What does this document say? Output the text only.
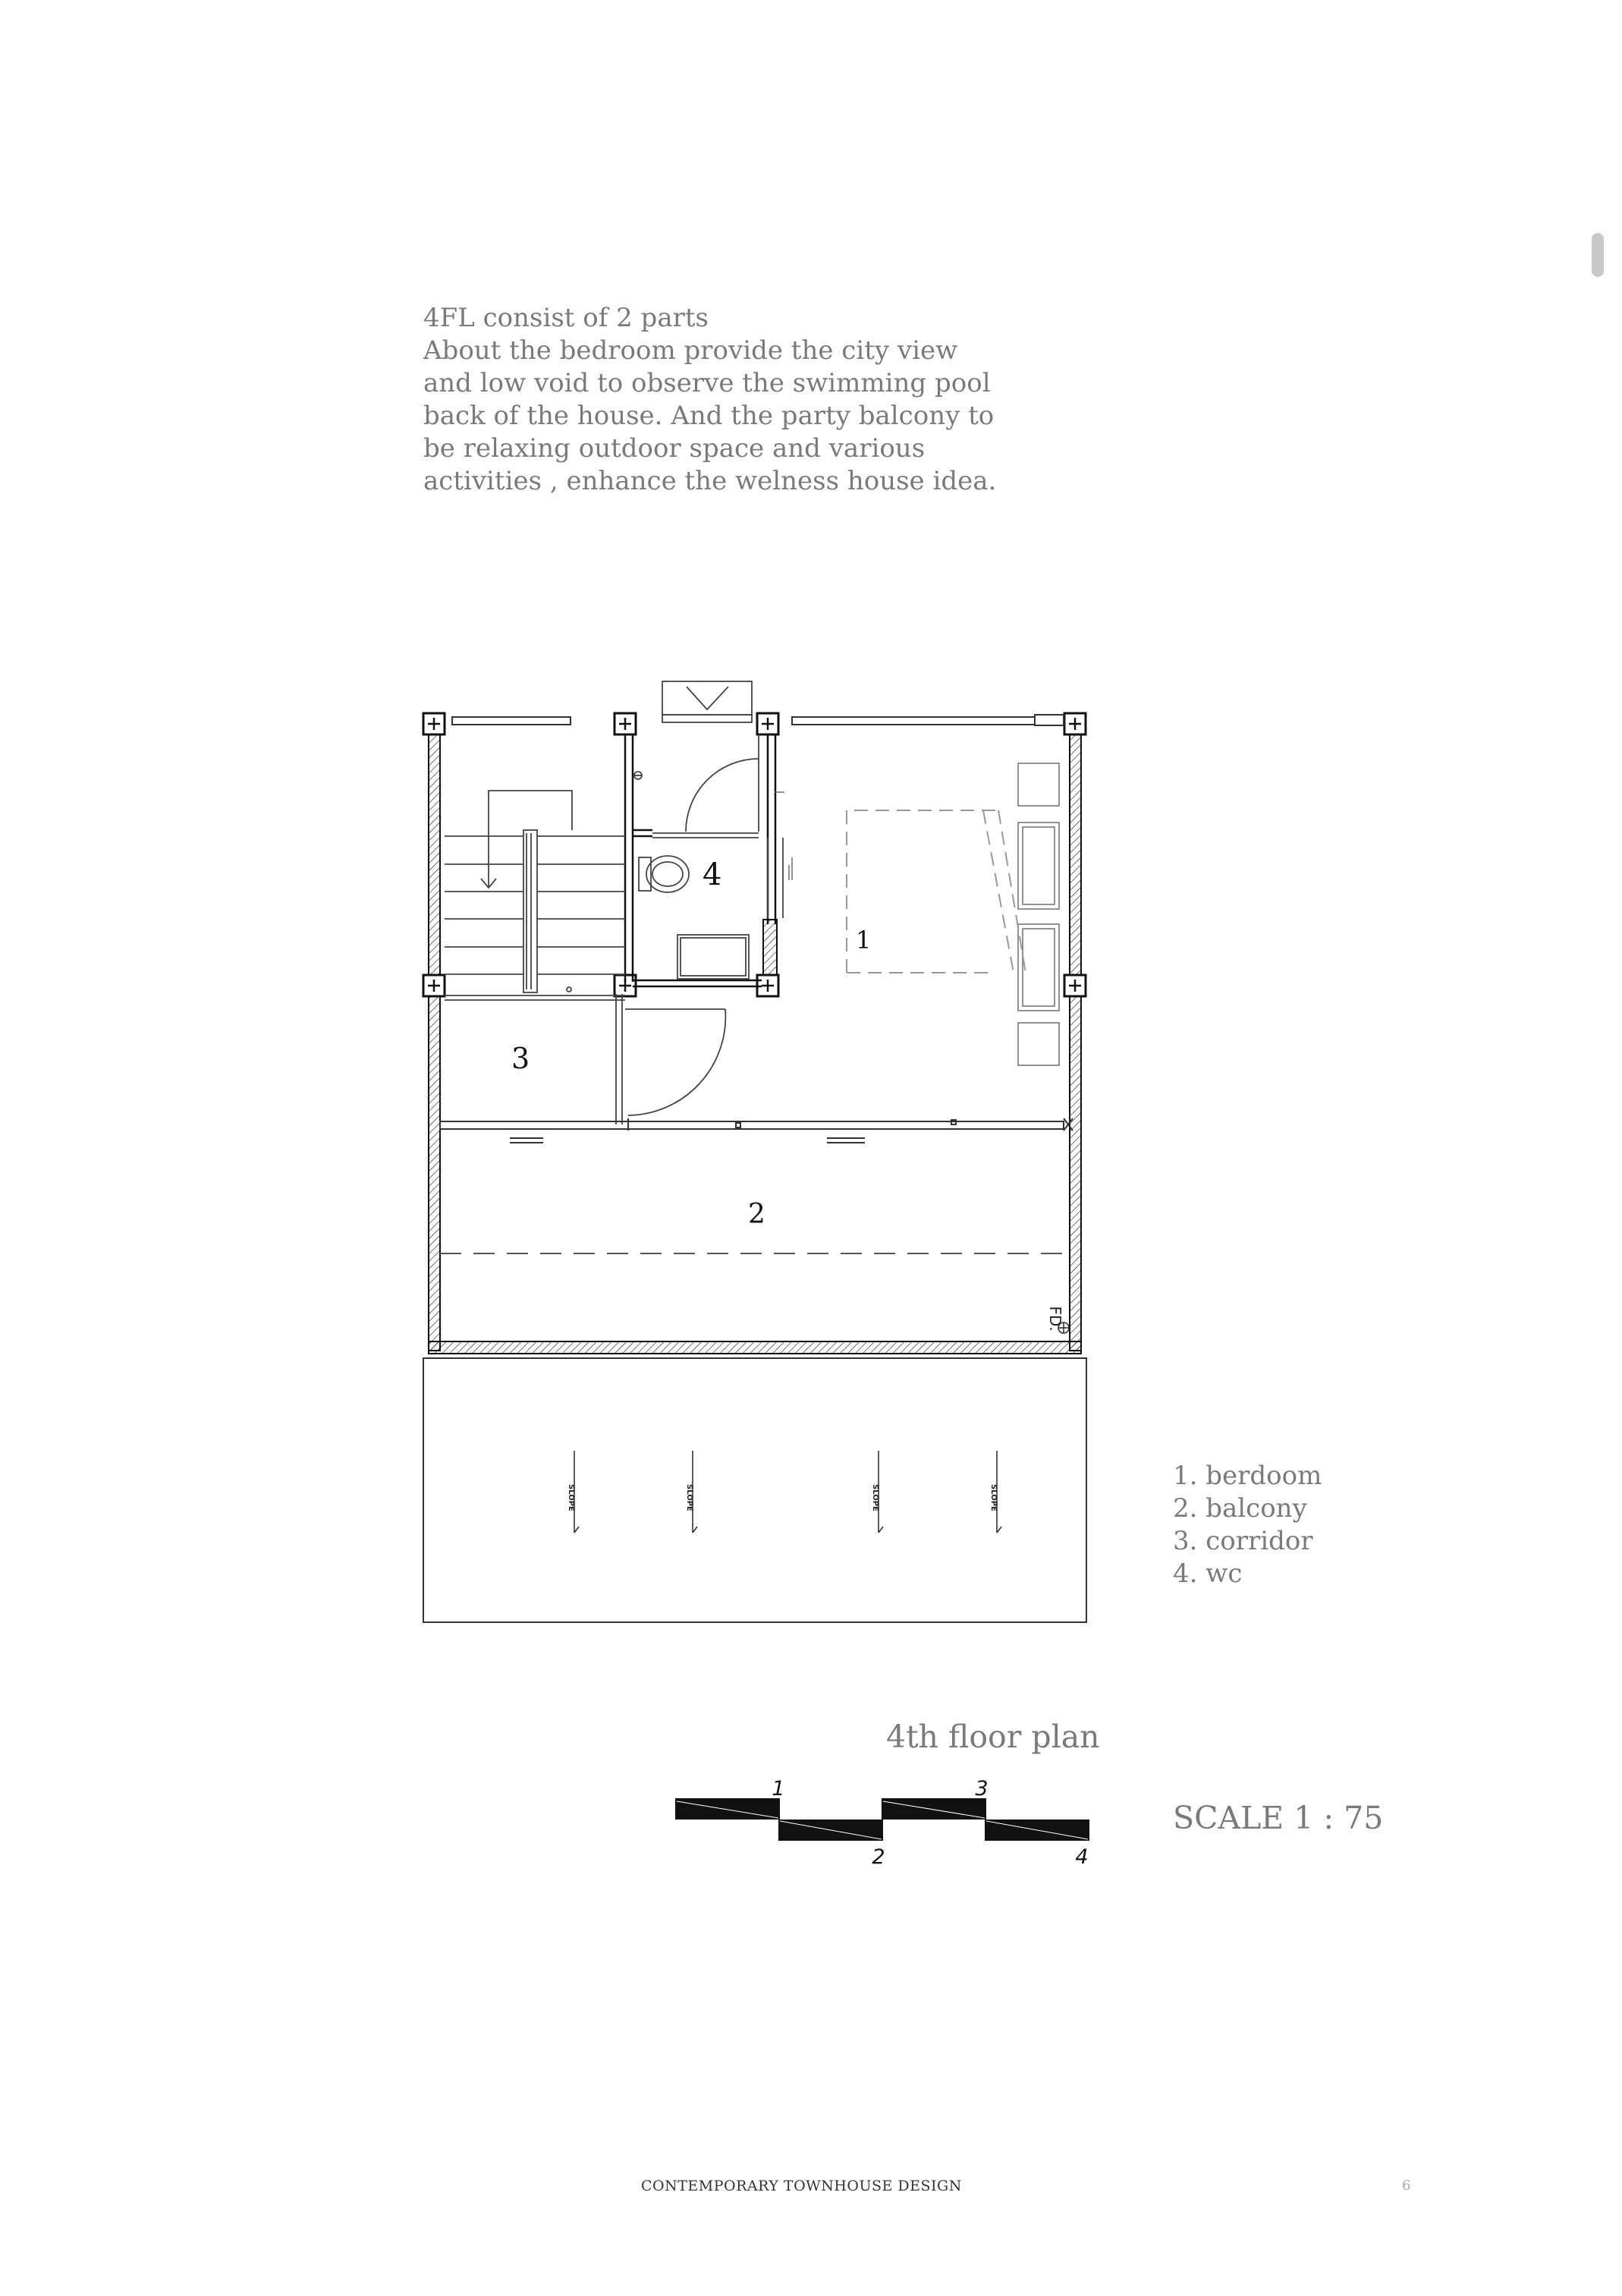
4FL consist of 2 parts
About the bedroom provide the city view
and low void to observe the swimming pool
back of the house. And the party balcony to
be relaxing outdoor space and various
activities , enhance the welness house idea.
FD.
SLOPE	SLOPE	SLOPE	SLOPE
1
2
3
4
1
2
3
4
1. berdoom
2. balcony
3. corridor
4. wc
4th floor plan
SCALE 1 : 75
CONTEMPORARY TOWNHOUSE DESIGN	6
